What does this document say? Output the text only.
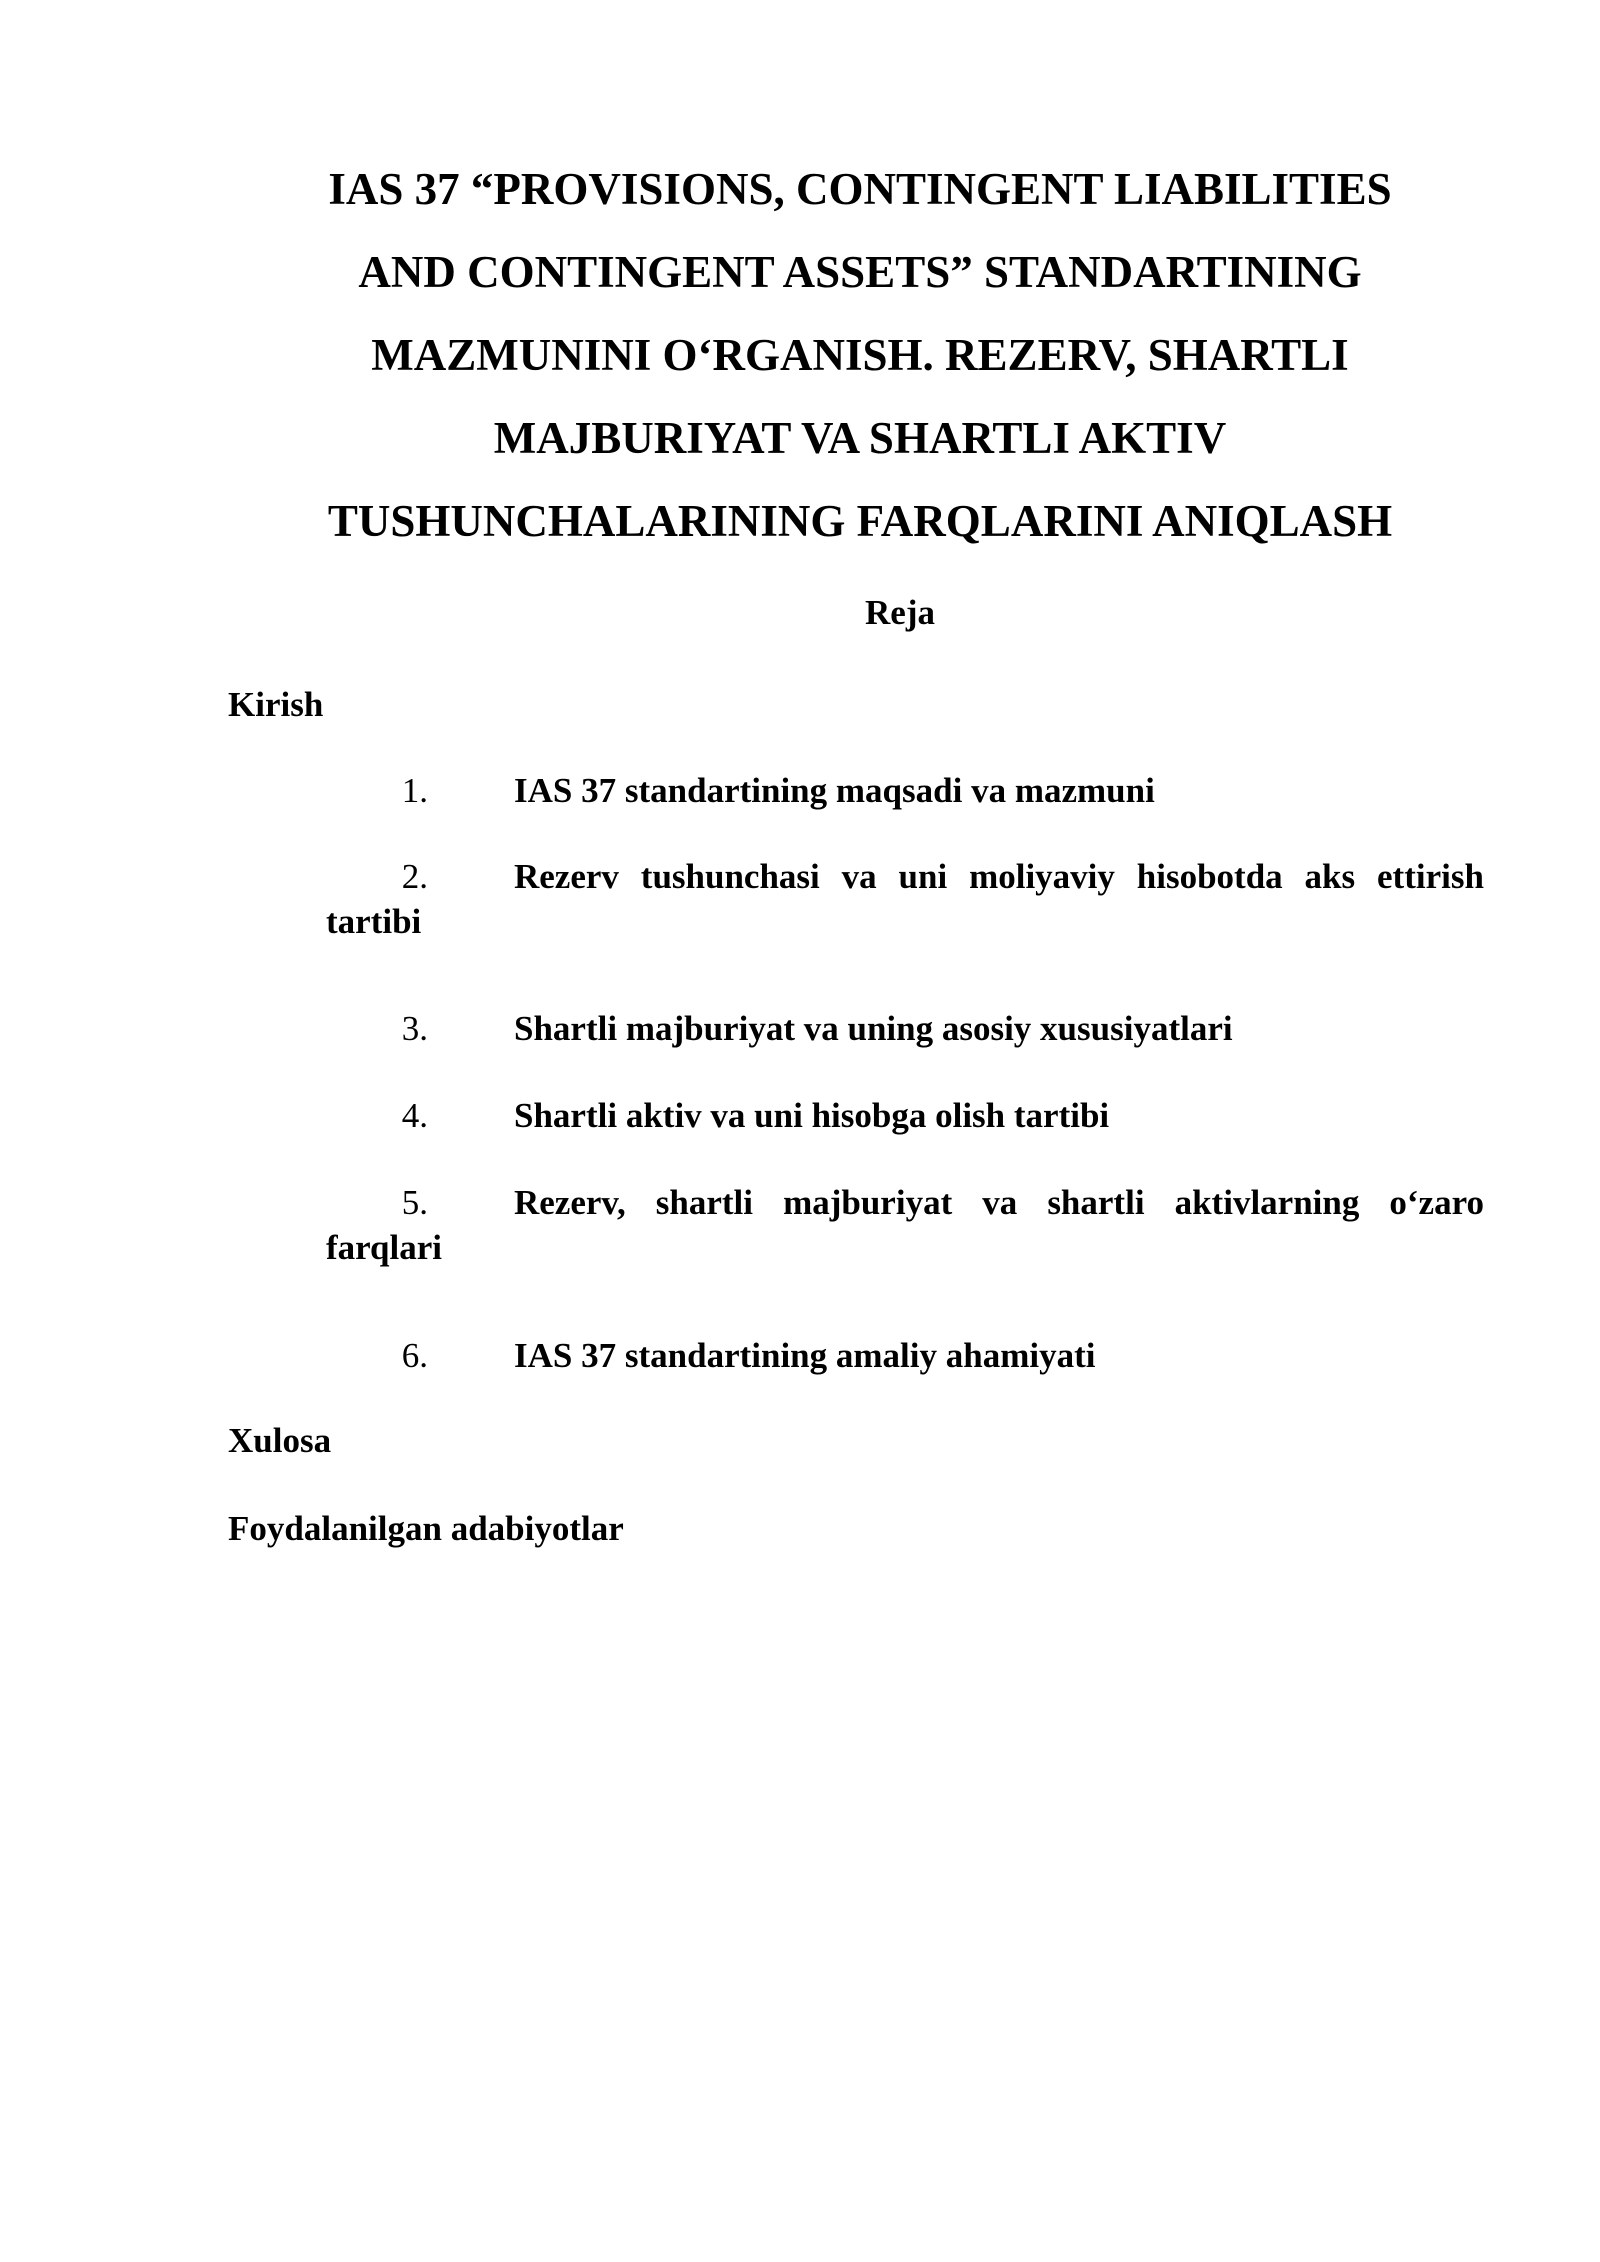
IAS 37 “PROVISIONS, CONTINGENT LIABILITIES
AND CONTINGENT ASSETS” STANDARTINING
MAZMUNINI O‘RGANISH. REZERV, SHARTLI
MAJBURIYAT VA SHARTLI AKTIV
TUSHUNCHALARINING FARQLARINI ANIQLASH
Reja
Kirish
1. IAS 37 standartining maqsadi va mazmuni
2. Rezerv tushunchasi va uni moliyaviy hisobotda aks ettirish
tartibi
3. Shartli majburiyat va uning asosiy xususiyatlari
4. Shartli aktiv va uni hisobga olish tartibi
5. Rezerv, shartli majburiyat va shartli aktivlarning o‘zaro
farqlari
6. IAS 37 standartining amaliy ahamiyati
Xulosa
Foydalanilgan adabiyotlar
